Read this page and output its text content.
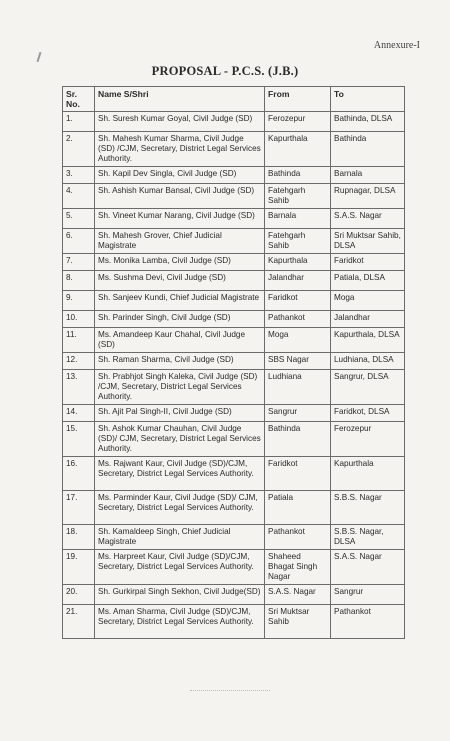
Annexure-I
PROPOSAL - P.C.S. (J.B.)
Sr. No.	Name S/Shri	From	To
1.	Sh. Suresh Kumar Goyal, Civil Judge (SD)	Ferozepur	Bathinda, DLSA
2.	Sh. Mahesh Kumar Sharma, Civil Judge (SD) /CJM, Secretary, District Legal Services Authority.	Kapurthala	Bathinda
3.	Sh. Kapil Dev Singla, Civil Judge (SD)	Bathinda	Barnala
4.	Sh. Ashish Kumar Bansal, Civil Judge (SD)	Fatehgarh Sahib	Rupnagar, DLSA
5.	Sh. Vineet Kumar Narang, Civil Judge (SD)	Barnala	S.A.S. Nagar
6.	Sh. Mahesh Grover, Chief Judicial Magistrate	Fatehgarh Sahib	Sri Muktsar Sahib, DLSA
7.	Ms. Monika Lamba, Civil Judge (SD)	Kapurthala	Faridkot
8.	Ms. Sushma Devi, Civil Judge (SD)	Jalandhar	Patiala, DLSA
9.	Sh. Sanjeev Kundi, Chief Judicial Magistrate	Faridkot	Moga
10.	Sh. Parinder Singh, Civil Judge (SD)	Pathankot	Jalandhar
11.	Ms. Amandeep Kaur Chahal, Civil Judge (SD)	Moga	Kapurthala, DLSA
12.	Sh. Raman Sharma, Civil Judge (SD)	SBS Nagar	Ludhiana, DLSA
13.	Sh. Prabhjot Singh Kaleka, Civil Judge (SD) /CJM, Secretary, District Legal Services Authority.	Ludhiana	Sangrur, DLSA
14.	Sh. Ajit Pal Singh-II, Civil Judge (SD)	Sangrur	Faridkot, DLSA
15.	Sh. Ashok Kumar Chauhan, Civil Judge (SD)/ CJM, Secretary, District Legal Services Authority.	Bathinda	Ferozepur
16.	Ms. Rajwant Kaur, Civil Judge (SD)/CJM, Secretary, District Legal Services Authority.	Faridkot	Kapurthala
17.	Ms. Parminder Kaur, Civil Judge (SD)/ CJM, Secretary, District Legal Services Authority.	Patiala	S.B.S. Nagar
18.	Sh. Kamaldeep Singh, Chief Judicial Magistrate	Pathankot	S.B.S. Nagar, DLSA
19.	Ms. Harpreet Kaur, Civil Judge (SD)/CJM, Secretary, District Legal Services Authority.	Shaheed Bhagat Singh Nagar	S.A.S. Nagar
20.	Sh. Gurkirpal Singh Sekhon, Civil Judge(SD)	S.A.S. Nagar	Sangrur
21.	Ms. Aman Sharma, Civil Judge (SD)/CJM, Secretary, District Legal Services Authority.	Sri Muktsar Sahib	Pathankot
